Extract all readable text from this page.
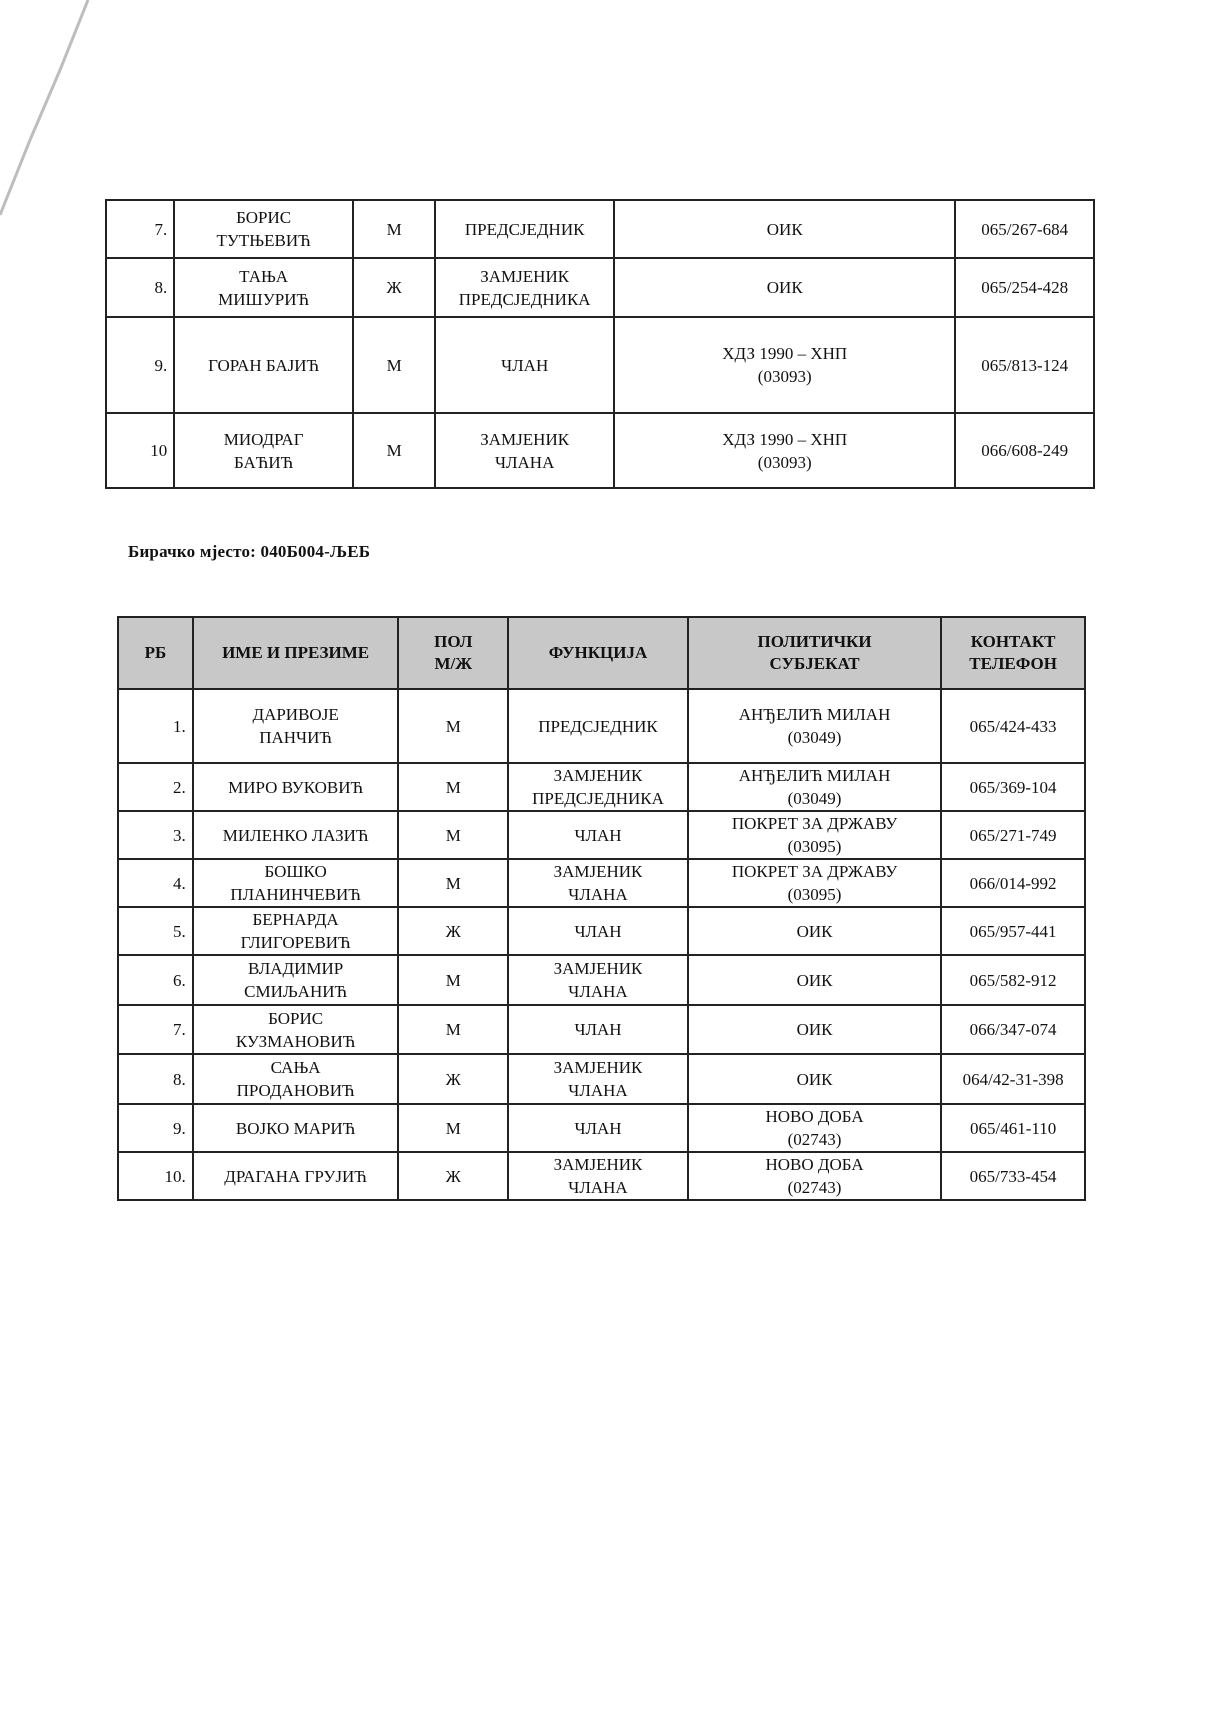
7.	БОРИС
ТУТЊЕВИЋ	М	ПРЕДСЈЕДНИК	ОИК	065/267-684
8.	ТАЊА
МИШУРИЋ	Ж	ЗАМЈЕНИК
ПРЕДСЈЕДНИКА	ОИК	065/254-428
9.	ГОРАН БАЈИЋ	М	ЧЛАН	ХДЗ 1990 – ХНП
(03093)	065/813-124
10	МИОДРАГ
БАЋИЋ	М	ЗАМЈЕНИК
ЧЛАНА	ХДЗ 1990 – ХНП
(03093)	066/608-249
Бирачко мјесто: 040Б004-ЉЕБ
РБ	ИМЕ И ПРЕЗИМЕ	ПОЛ
М/Ж	ФУНКЦИЈА	ПОЛИТИЧКИ
СУБЈЕКАТ	КОНТАКТ
ТЕЛЕФОН
1.	ДАРИВОЈЕ
ПАНЧИЋ	М	ПРЕДСЈЕДНИК	АНЂЕЛИЋ МИЛАН
(03049)	065/424-433
2.	МИРО ВУКОВИЋ	М	ЗАМЈЕНИК
ПРЕДСЈЕДНИКА	АНЂЕЛИЋ МИЛАН
(03049)	065/369-104
3.	МИЛЕНКО ЛАЗИЋ	М	ЧЛАН	ПОКРЕТ ЗА ДРЖАВУ
(03095)	065/271-749
4.	БОШКО
ПЛАНИНЧЕВИЋ	М	ЗАМЈЕНИК
ЧЛАНА	ПОКРЕТ ЗА ДРЖАВУ
(03095)	066/014-992
5.	БЕРНАРДА
ГЛИГОРЕВИЋ	Ж	ЧЛАН	ОИК	065/957-441
6.	ВЛАДИМИР
СМИЉАНИЋ	М	ЗАМЈЕНИК
ЧЛАНА	ОИК	065/582-912
7.	БОРИС
КУЗМАНОВИЋ	М	ЧЛАН	ОИК	066/347-074
8.	САЊА
ПРОДАНОВИЋ	Ж	ЗАМЈЕНИК
ЧЛАНА	ОИК	064/42-31-398
9.	ВОЈКО МАРИЋ	М	ЧЛАН	НОВО ДОБА
(02743)	065/461-110
10.	ДРАГАНА ГРУЈИЋ	Ж	ЗАМЈЕНИК
ЧЛАНА	НОВО ДОБА
(02743)	065/733-454
